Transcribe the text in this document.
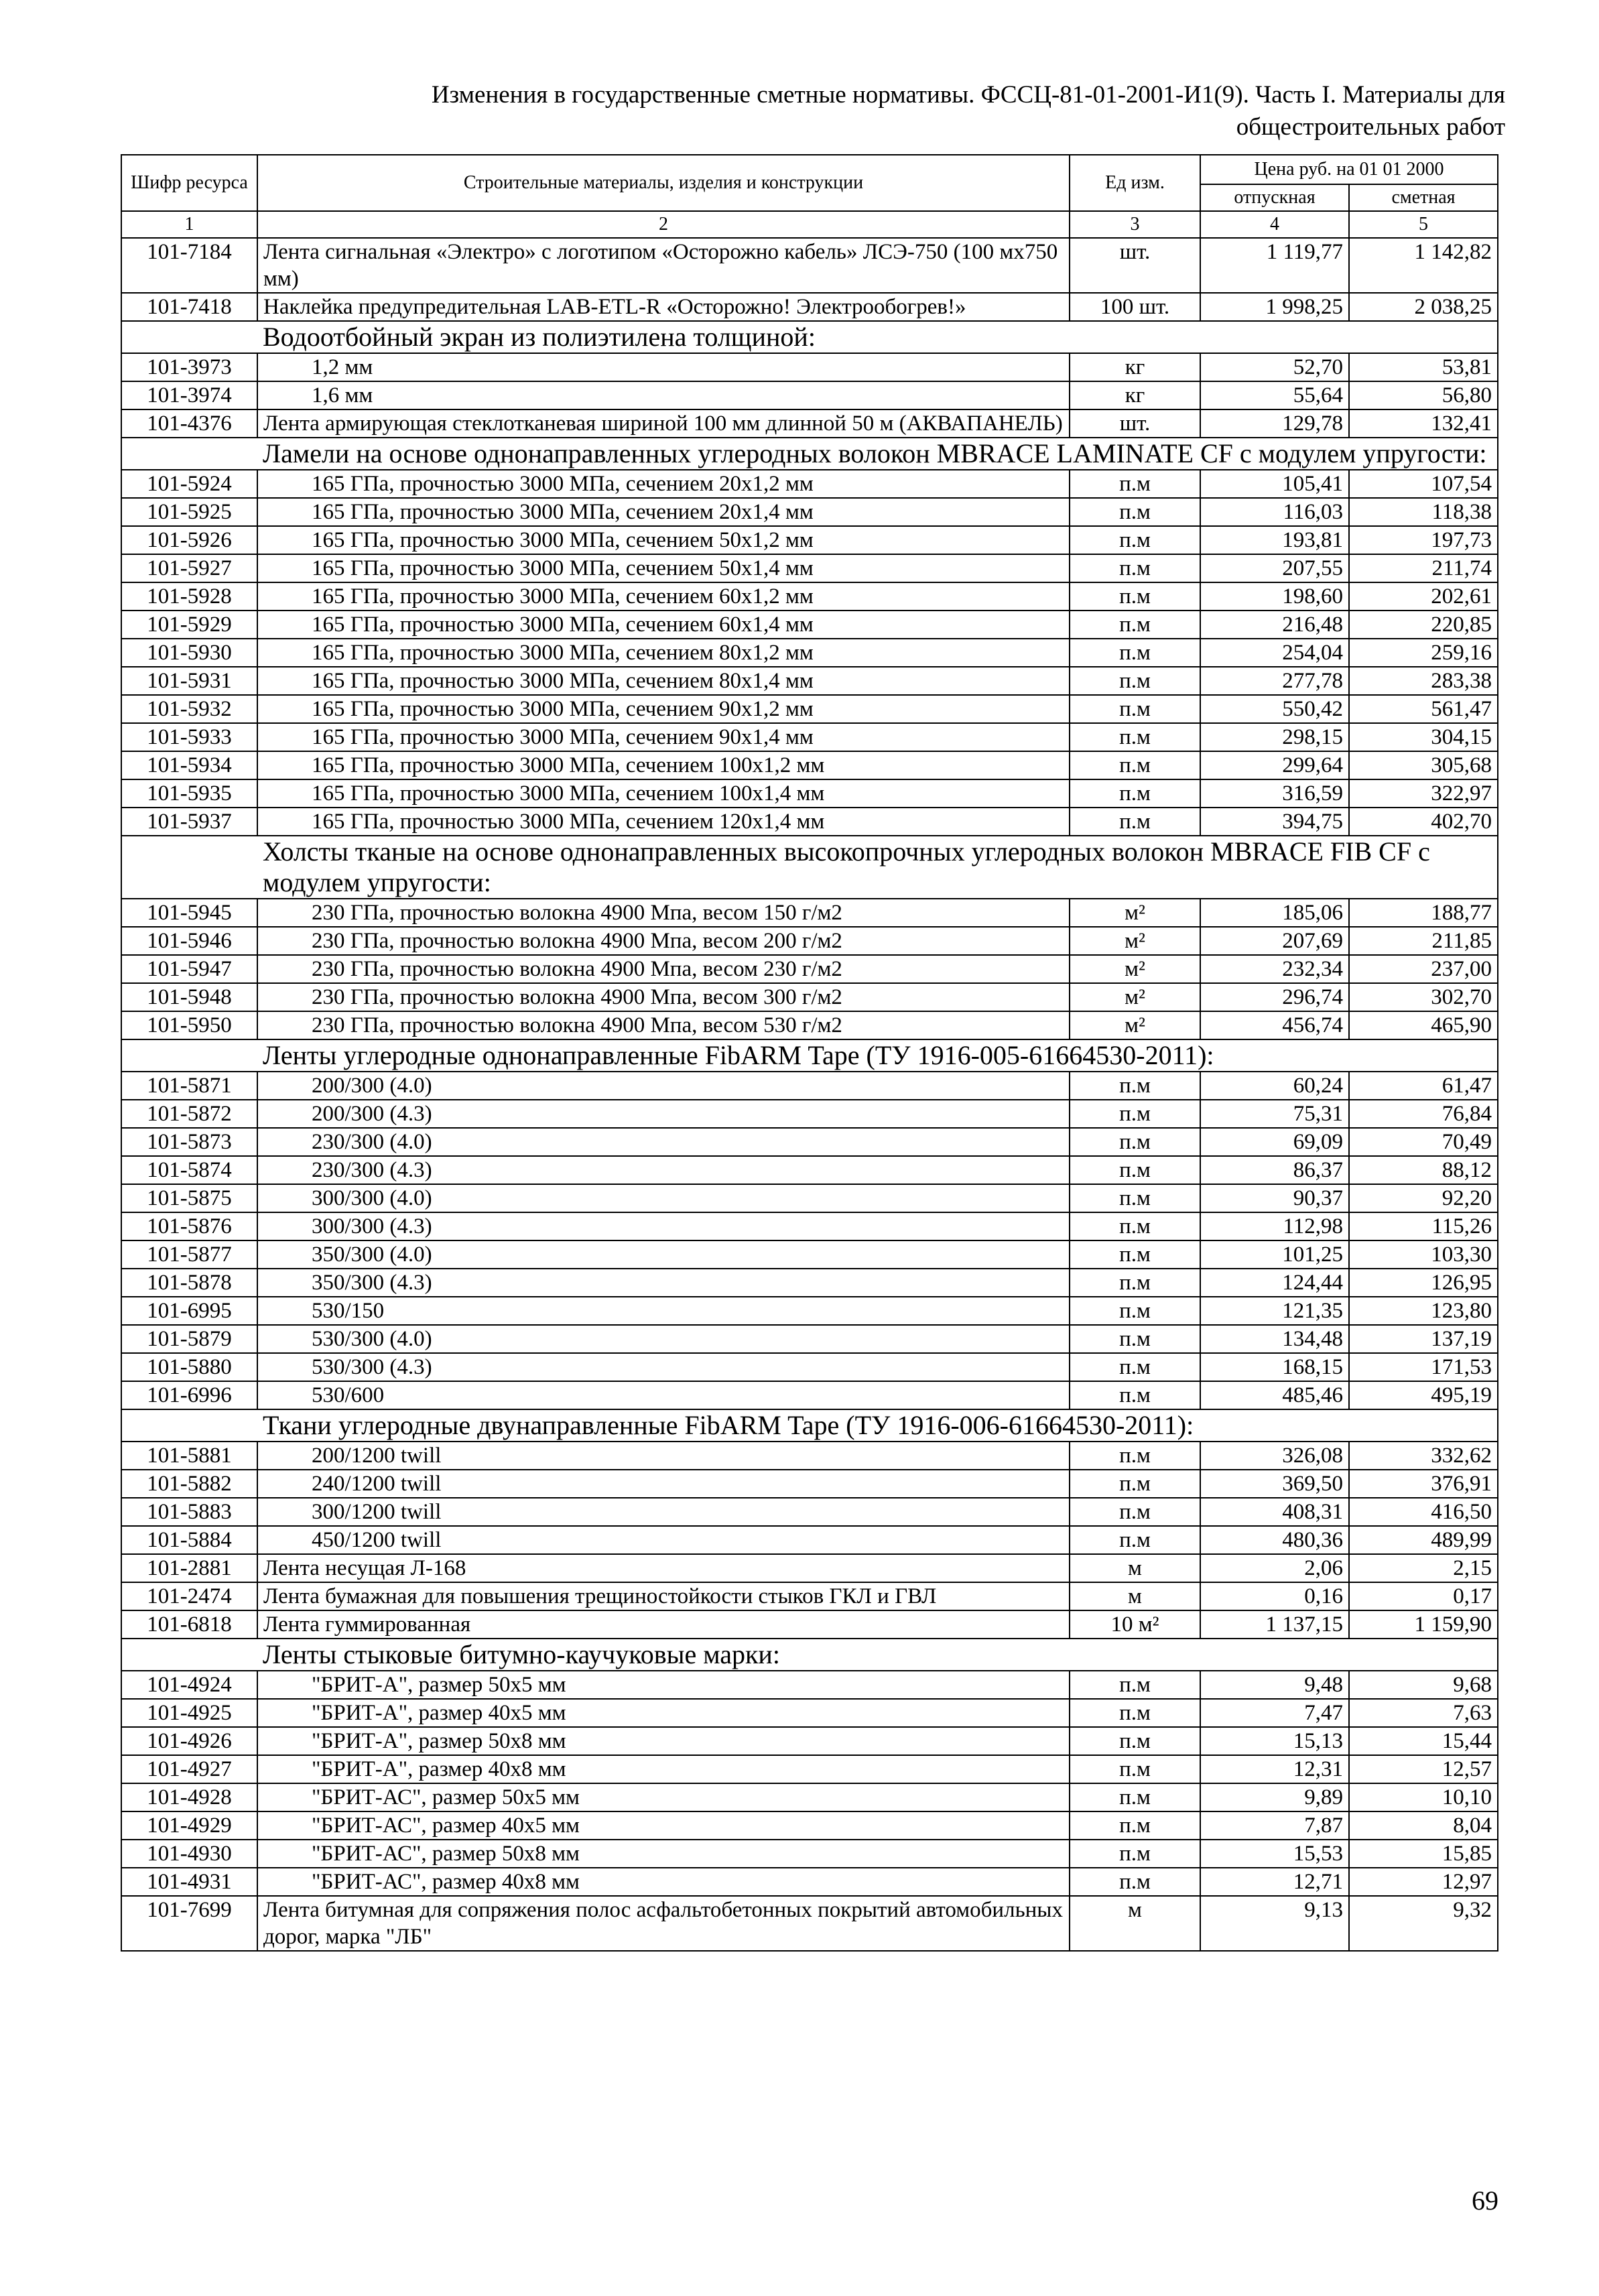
Изменения в государственные сметные нормативы. ФССЦ-81-01-2001-И1(9). Часть I. Материалы для
общестроительных работ
Шифр ресурса	Строительные материалы, изделия и конструкции	Ед изм.	Цена руб. на 01 01 2000	
			отпускная	сметная
1	2	3	4	5
101-7184	Лента сигнальная «Электро» с логотипом «Осторожно кабель» ЛСЭ-750 (100 мх750 мм)	шт.	1 119,77	1 142,82
101-7418	Наклейка предупредительная LAB-ETL-R «Осторожно! Электрообогрев!»	100 шт.	1 998,25	2 038,25
Водоотбойный экран из полиэтилена толщиной:				
101-3973	1,2 мм	кг	52,70	53,81
101-3974	1,6 мм	кг	55,64	56,80
101-4376	Лента армирующая стеклотканевая шириной 100 мм длинной 50 м (АКВАПАНЕЛЬ)	шт.	129,78	132,41
Ламели на основе однонаправленных углеродных волокон MBRACE LAMINATE CF с модулем упругости:				
101-5924	165 ГПа, прочностью 3000 МПа, сечением 20х1,2 мм	п.м	105,41	107,54
101-5925	165 ГПа, прочностью 3000 МПа, сечением 20х1,4 мм	п.м	116,03	118,38
101-5926	165 ГПа, прочностью 3000 МПа, сечением 50х1,2 мм	п.м	193,81	197,73
101-5927	165 ГПа, прочностью 3000 МПа, сечением 50х1,4 мм	п.м	207,55	211,74
101-5928	165 ГПа, прочностью 3000 МПа, сечением 60х1,2 мм	п.м	198,60	202,61
101-5929	165 ГПа, прочностью 3000 МПа, сечением 60х1,4 мм	п.м	216,48	220,85
101-5930	165 ГПа, прочностью 3000 МПа, сечением 80х1,2 мм	п.м	254,04	259,16
101-5931	165 ГПа, прочностью 3000 МПа, сечением 80х1,4 мм	п.м	277,78	283,38
101-5932	165 ГПа, прочностью 3000 МПа, сечением 90х1,2 мм	п.м	550,42	561,47
101-5933	165 ГПа, прочностью 3000 МПа, сечением 90х1,4 мм	п.м	298,15	304,15
101-5934	165 ГПа, прочностью 3000 МПа, сечением 100х1,2 мм	п.м	299,64	305,68
101-5935	165 ГПа, прочностью 3000 МПа, сечением 100х1,4 мм	п.м	316,59	322,97
101-5937	165 ГПа, прочностью 3000 МПа, сечением 120х1,4 мм	п.м	394,75	402,70
Холсты тканые на основе однонаправленных высокопрочных углеродных волокон MBRACE FIB CF с модулем упругости:				
101-5945	230 ГПа, прочностью волокна 4900 Мпа, весом 150 г/м2	м²	185,06	188,77
101-5946	230 ГПа, прочностью волокна 4900 Мпа, весом 200 г/м2	м²	207,69	211,85
101-5947	230 ГПа, прочностью волокна 4900 Мпа, весом 230 г/м2	м²	232,34	237,00
101-5948	230 ГПа, прочностью волокна 4900 Мпа, весом 300 г/м2	м²	296,74	302,70
101-5950	230 ГПа, прочностью волокна 4900 Мпа, весом 530 г/м2	м²	456,74	465,90
Ленты углеродные однонаправленные FibARM Tape (ТУ 1916-005-61664530-2011):				
101-5871	200/300 (4.0)	п.м	60,24	61,47
101-5872	200/300 (4.3)	п.м	75,31	76,84
101-5873	230/300 (4.0)	п.м	69,09	70,49
101-5874	230/300 (4.3)	п.м	86,37	88,12
101-5875	300/300 (4.0)	п.м	90,37	92,20
101-5876	300/300 (4.3)	п.м	112,98	115,26
101-5877	350/300 (4.0)	п.м	101,25	103,30
101-5878	350/300 (4.3)	п.м	124,44	126,95
101-6995	530/150	п.м	121,35	123,80
101-5879	530/300 (4.0)	п.м	134,48	137,19
101-5880	530/300 (4.3)	п.м	168,15	171,53
101-6996	530/600	п.м	485,46	495,19
Ткани углеродные двунаправленные FibARM Tape (ТУ 1916-006-61664530-2011):				
101-5881	200/1200 twill	п.м	326,08	332,62
101-5882	240/1200 twill	п.м	369,50	376,91
101-5883	300/1200 twill	п.м	408,31	416,50
101-5884	450/1200 twill	п.м	480,36	489,99
101-2881	Лента несущая Л-168	м	2,06	2,15
101-2474	Лента бумажная для повышения трещиностойкости стыков ГКЛ и ГВЛ	м	0,16	0,17
101-6818	Лента гуммированная	10 м²	1 137,15	1 159,90
Ленты стыковые битумно-каучуковые марки:				
101-4924	"БРИТ-А", размер 50х5 мм	п.м	9,48	9,68
101-4925	"БРИТ-А", размер 40х5 мм	п.м	7,47	7,63
101-4926	"БРИТ-А", размер 50х8 мм	п.м	15,13	15,44
101-4927	"БРИТ-А", размер 40х8 мм	п.м	12,31	12,57
101-4928	"БРИТ-АС", размер 50х5 мм	п.м	9,89	10,10
101-4929	"БРИТ-АС", размер 40х5 мм	п.м	7,87	8,04
101-4930	"БРИТ-АС", размер 50х8 мм	п.м	15,53	15,85
101-4931	"БРИТ-АС", размер 40х8 мм	п.м	12,71	12,97
101-7699	Лента битумная для сопряжения полос асфальтобетонных покрытий автомобильных дорог, марка "ЛБ"	м	9,13	9,32
69
